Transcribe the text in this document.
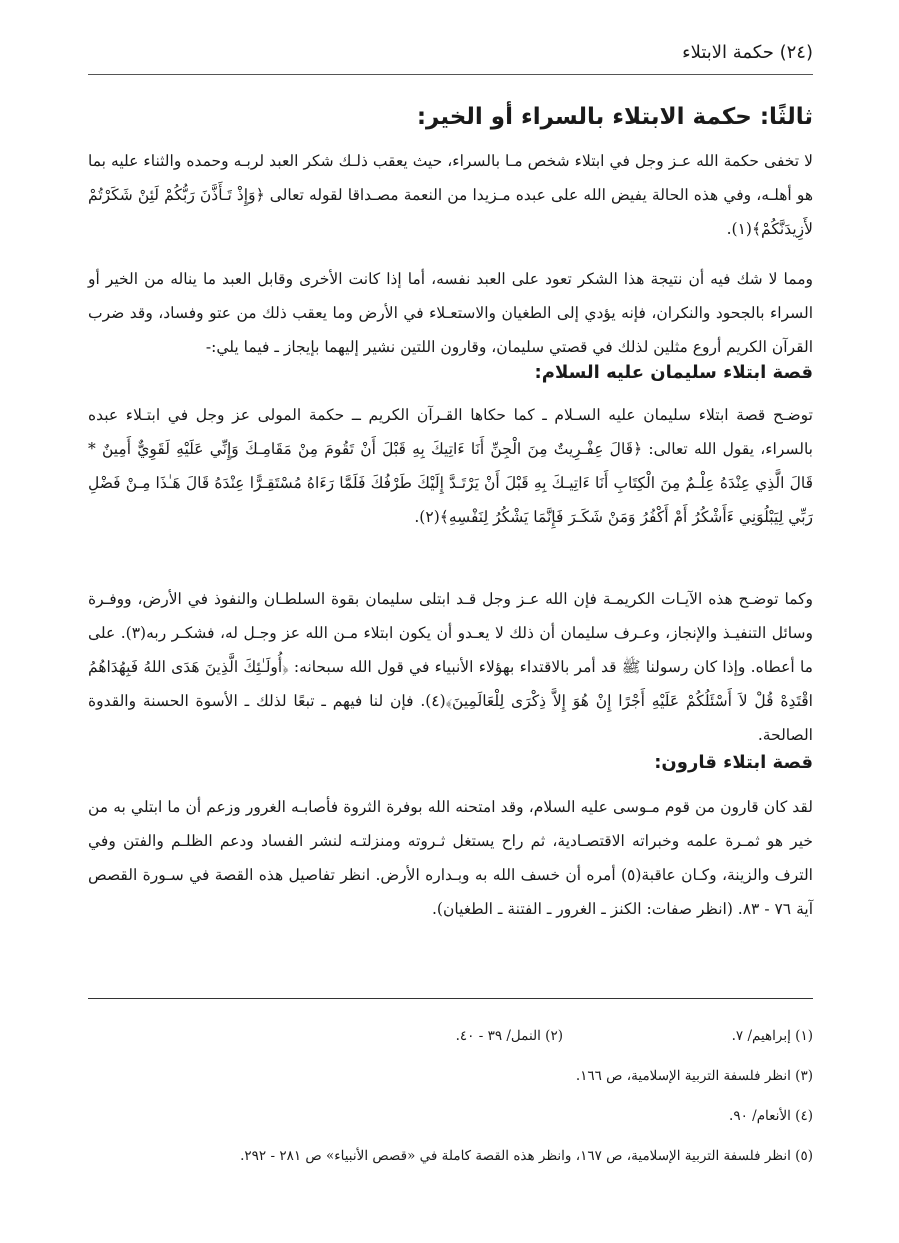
(٢٤) حكمة الابتلاء
ثالثًا: حكمة الابتلاء بالسراء أو الخير:
لا تخفى حكمة الله عـز وجل في ابتلاء شخص مـا بالسراء، حيث يعقب ذلـك شكر العبد لربـه وحمده والثناء عليه بما هو أهلـه، وفي هذه الحالة يفيض الله على عبده مـزيدا من النعمة مصـداقا لقوله تعالى ﴿وَإِذْ تَـأَذَّنَ رَبُّكُمْ لَئِنْ شَكَرْتُمْ لأَزِيدَنَّكُمْ﴾(١).
ومما لا شك فيه أن نتيجة هذا الشكر تعود على العبد نفسه، أما إذا كانت الأخرى وقابل العبد ما يناله من الخير أو السراء بالجحود والنكران، فإنه يؤدي إلى الطغيان والاستعـلاء في الأرض وما يعقب ذلك من عتو وفساد، وقد ضرب القرآن الكريم أروع مثلين لذلك في قصتي سليمان، وقارون اللتين نشير إليهما بإيجاز ـ فيما يلي:-
قصة ابتلاء سليمان عليه السلام:
توضـح قصة ابتلاء سليمان عليه السـلام ـ كما حكاها القـرآن الكريم ــ حكمة المولى عز وجل في ابتـلاء عبده بالسراء، يقول الله تعالى: ﴿قَالَ عِفْـرِيتٌ مِنَ الْجِنِّ أَنَا ءَاتِيكَ بِهِ قَبْلَ أَنْ تَقُومَ مِنْ مَقَامِـكَ وَإِنِّي عَلَيْهِ لَقَوِيٌّ أَمِينٌ * قَالَ الَّذِي عِنْدَهُ عِلْـمٌ مِنَ الْكِتَابِ أَنَا ءَاتِيـكَ بِهِ قَبْلَ أَنْ يَرْتَـدَّ إِلَيْكَ طَرْفُكَ فَلَمَّا رَءَاهُ مُسْتَقِـرًّا عِنْدَهُ قَالَ هَـٰذَا مِـنْ فَضْلِ رَبِّي لِيَبْلُوَنِي ءَأَشْكُرُ أَمْ أَكْفُرُ وَمَنْ شَكَـرَ فَإِنَّمَا يَشْكُرُ لِنَفْسِهِ﴾(٢).
وكما توضـح هذه الآيـات الكريمـة فإن الله عـز وجل قـد ابتلى سليمان بقوة السلطـان والنفوذ في الأرض، ووفـرة وسائل التنفيـذ والإنجاز، وعـرف سليمان أن ذلك لا يعـدو أن يكون ابتلاء مـن الله عز وجـل له، فشكـر ربه(٣). على ما أعطاه. وإذا كان رسولنا ﷺ قد أمر بالاقتداء بهؤلاء الأنبياء في قول الله سبحانه: ﴿أُولَـٰئِكَ الَّذِينَ هَدَى اللهُ فَبِهُدَاهُمُ اقْتَدِهْ قُلْ لاَ أَسْئَلُكُمْ عَلَيْهِ أَجْرًا إِنْ هُوَ إِلاَّ ذِكْرَى لِلْعَالَمِينَ﴾(٤). فإن لنا فيهم ـ تبعًا لذلك ـ الأسوة الحسنة والقدوة الصالحة.
قصة ابتلاء قارون:
لقد كان قارون من قوم مـوسى عليه السلام، وقد امتحنه الله بوفرة الثروة فأصابـه الغرور وزعم أن ما ابتلي به من خير هو ثمـرة علمه وخبراته الاقتصـادية، ثم راح يستغل ثـروته ومنزلتـه لنشر الفساد ودعم الظلـم والفتن وفي الترف والزينة، وكـان عاقبة(٥) أمره أن خسف الله به وبـداره الأرض. انظر تفاصيل هذه القصة في سـورة القصص آية ٧٦ - ٨٣. (انظر صفات: الكنز ـ الغرور ـ الفتنة ـ الطغيان).
(١) إبراهيم/ ٧.
(٢) النمل/ ٣٩ - ٤٠.
(٣) انظر فلسفة التربية الإسلامية، ص ١٦٦.
(٤) الأنعام/ ٩٠.
(٥) انظر فلسفة التربية الإسلامية، ص ١٦٧، وانظر هذه القصة كاملة في «قصص الأنبياء» ص ٢٨١ - ٢٩٢.
